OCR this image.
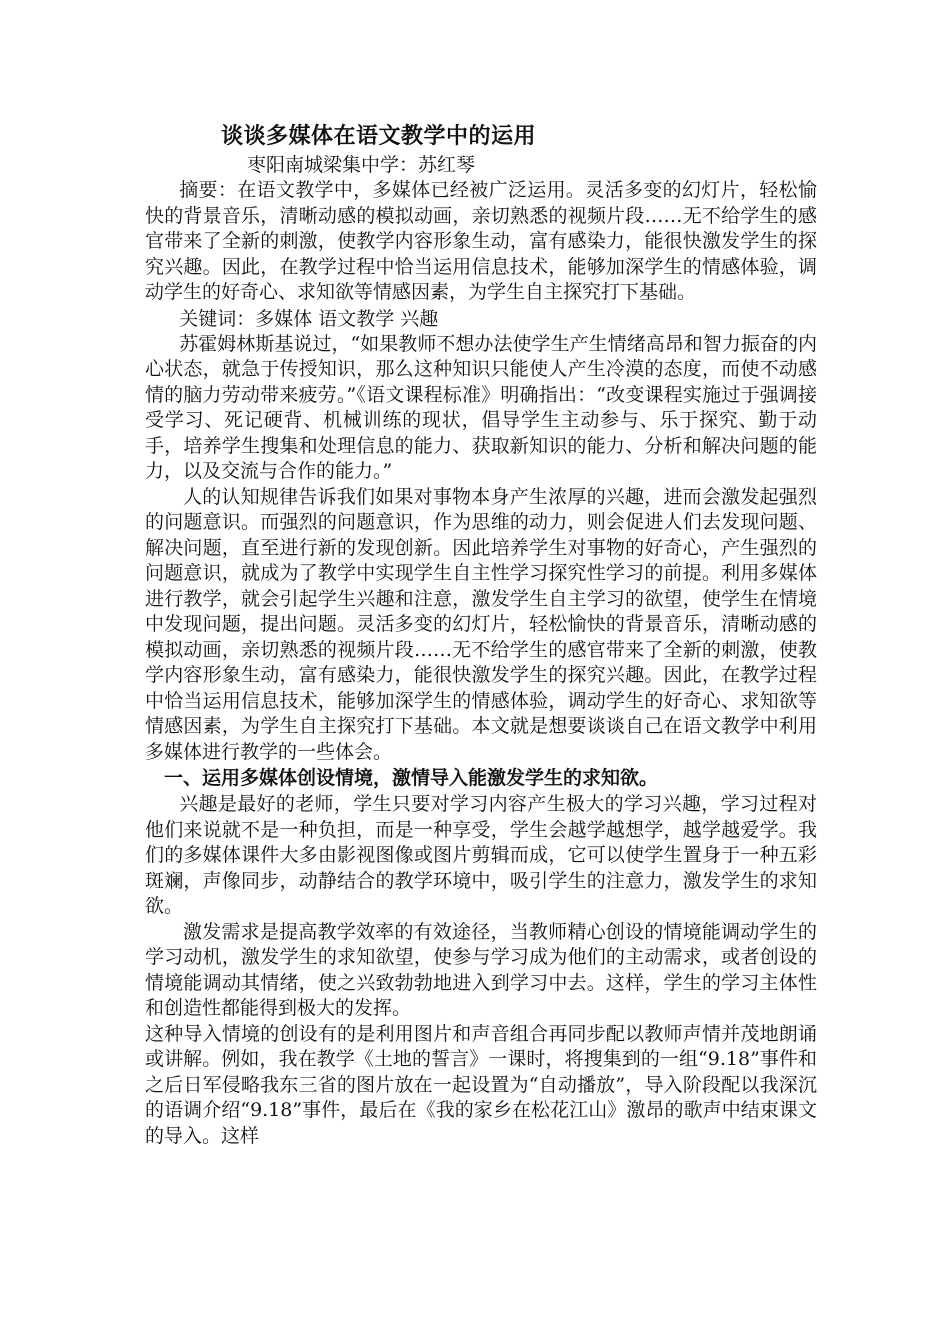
谈谈多媒体在语文教学中的运用
枣阳南城梁集中学：苏红琴

摘要：在语文教学中，多媒体已经被广泛运用。灵活多变的幻灯片，轻松愉快的背景音乐，清晰动感的模拟动画，亲切熟悉的视频片段……无不给学生的感官带来了全新的刺激，使教学内容形象生动，富有感染力，能很快激发学生的探究兴趣。因此，在教学过程中恰当运用信息技术，能够加深学生的情感体验，调动学生的好奇心、求知欲等情感因素，为学生自主探究打下基础。

关键词：多媒体 语文教学 兴趣

苏霍姆林斯基说过，“如果教师不想办法使学生产生情绪高昂和智力振奋的内心状态，就急于传授知识，那么这种知识只能使人产生冷漠的态度，而使不动感情的脑力劳动带来疲劳。”《语文课程标准》明确指出：“改变课程实施过于强调接受学习、死记硬背、机械训练的现状，倡导学生主动参与、乐于探究、勤于动手，培养学生搜集和处理信息的能力、获取新知识的能力、分析和解决问题的能力，以及交流与合作的能力。”

人的认知规律告诉我们如果对事物本身产生浓厚的兴趣，进而会激发起强烈的问题意识。而强烈的问题意识，作为思维的动力，则会促进人们去发现问题、解决问题，直至进行新的发现创新。因此培养学生对事物的好奇心，产生强烈的问题意识，就成为了教学中实现学生自主性学习探究性学习的前提。利用多媒体进行教学，就会引起学生兴趣和注意，激发学生自主学习的欲望，使学生在情境中发现问题，提出问题。灵活多变的幻灯片，轻松愉快的背景音乐，清晰动感的模拟动画，亲切熟悉的视频片段……无不给学生的感官带来了全新的刺激，使教学内容形象生动，富有感染力，能很快激发学生的探究兴趣。因此，在教学过程中恰当运用信息技术，能够加深学生的情感体验，调动学生的好奇心、求知欲等情感因素，为学生自主探究打下基础。本文就是想要谈谈自己在语文教学中利用多媒体进行教学的一些体会。

一、运用多媒体创设情境，激情导入能激发学生的求知欲。

兴趣是最好的老师，学生只要对学习内容产生极大的学习兴趣，学习过程对他们来说就不是一种负担，而是一种享受，学生会越学越想学，越学越爱学。我们的多媒体课件大多由影视图像或图片剪辑而成，它可以使学生置身于一种五彩斑斓，声像同步，动静结合的教学环境中，吸引学生的注意力，激发学生的求知欲。

激发需求是提高教学效率的有效途径，当教师精心创设的情境能调动学生的学习动机，激发学生的求知欲望，使参与学习成为他们的主动需求，或者创设的情境能调动其情绪，使之兴致勃勃地进入到学习中去。这样，学生的学习主体性和创造性都能得到极大的发挥。

这种导入情境的创设有的是利用图片和声音组合再同步配以教师声情并茂地朗诵或讲解。例如，我在教学《土地的誓言》一课时，将搜集到的一组“9.18”事件和之后日军侵略我东三省的图片放在一起设置为“自动播放”，导入阶段配以我深沉的语调介绍“9.18”事件，最后在《我的家乡在松花江山》激昂的歌声中结束课文的导入。这样
